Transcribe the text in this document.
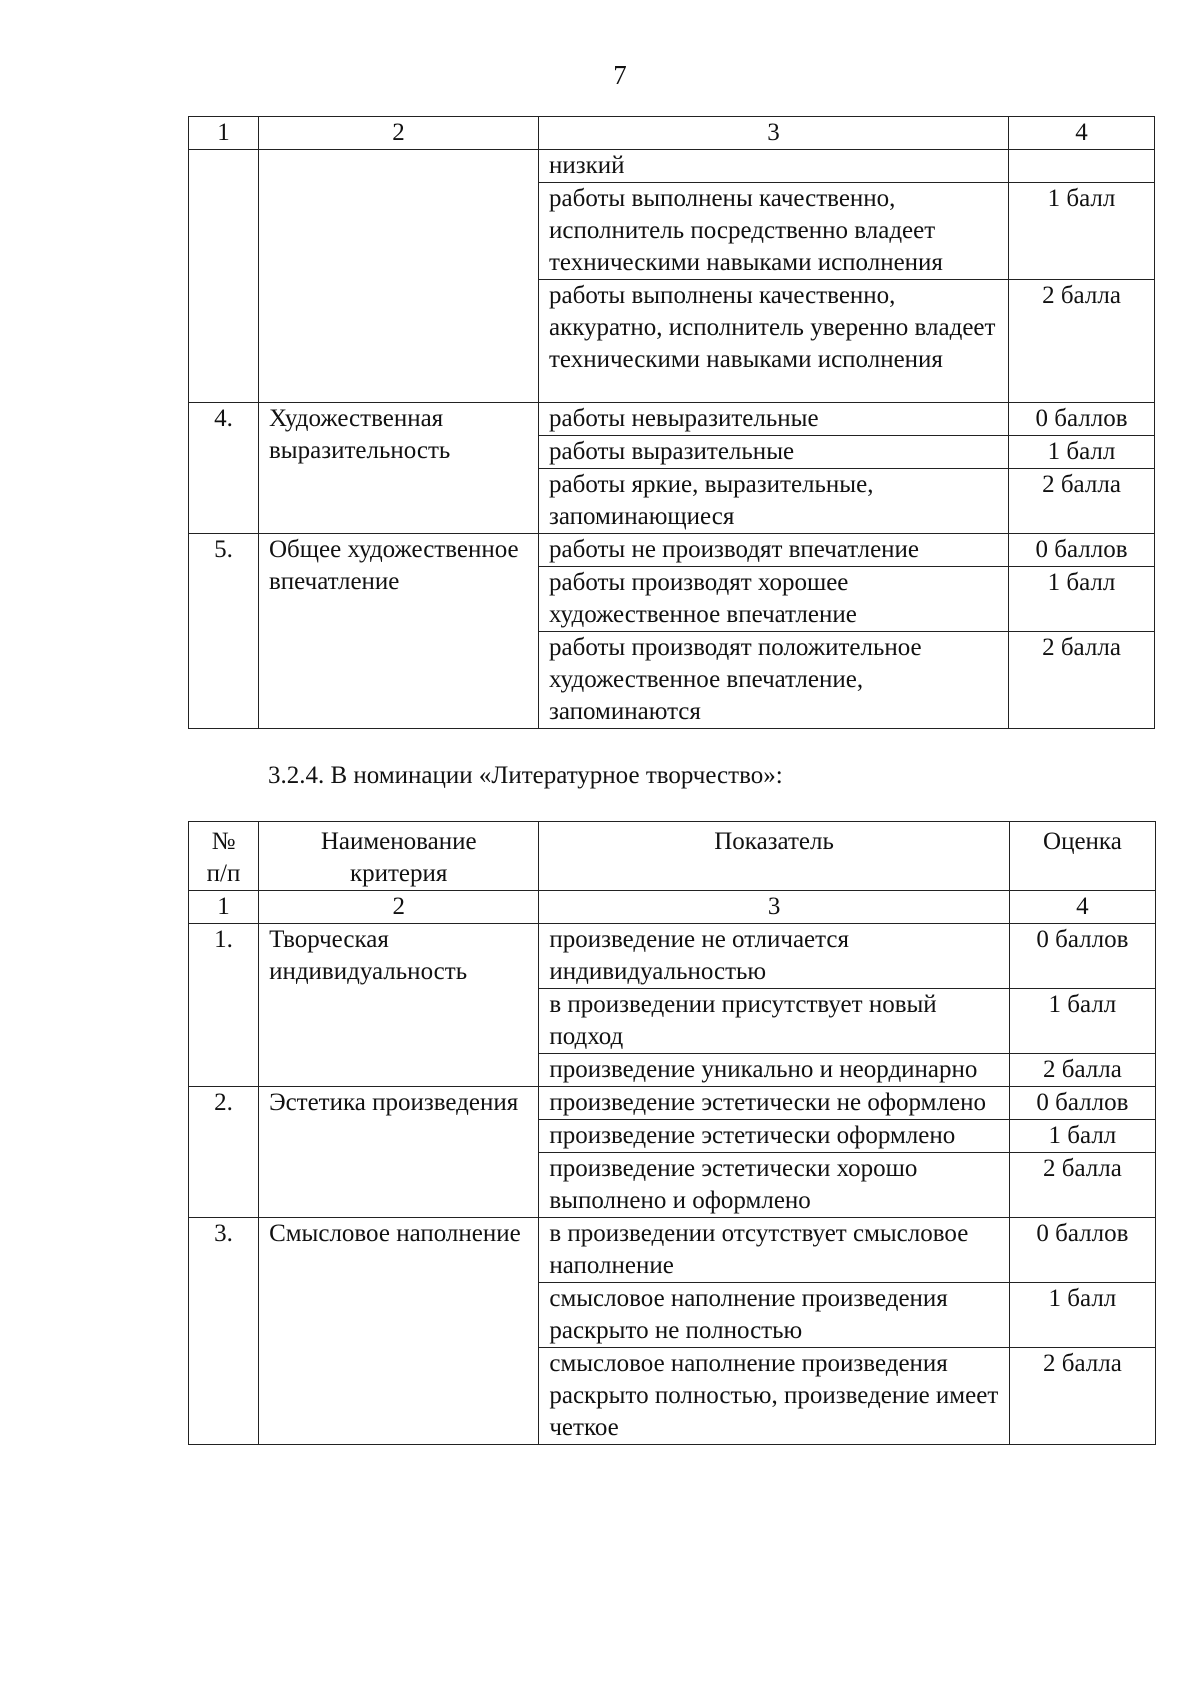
7
1	2	3	4
		низкий	
		работы выполнены качественно, исполнитель посредственно владеет техническими навыками исполнения	1 балл
		работы выполнены качественно, аккуратно, исполнитель уверенно владеет техническими навыками исполнения	2 балла
4.	Художественная выразительность	работы невыразительные	0 баллов
		работы выразительные	1 балл
		работы яркие, выразительные, запоминающиеся	2 балла
5.	Общее художественное впечатление	работы не производят впечатление	0 баллов
		работы производят хорошее художественное впечатление	1 балл
		работы производят положительное художественное впечатление, запоминаются	2 балла
3.2.4. В номинации «Литературное творчество»:
№ п/п	Наименование критерия	Показатель	Оценка
1	2	3	4
1.	Творческая индивидуальность	произведение не отличается индивидуальностью	0 баллов
		в произведении присутствует новый подход	1 балл
		произведение уникально и неординарно	2 балла
2.	Эстетика произведения	произведение эстетически не оформлено	0 баллов
		произведение эстетически оформлено	1 балл
		произведение эстетически хорошо выполнено и оформлено	2 балла
3.	Смысловое наполнение	в произведении отсутствует смысловое наполнение	0 баллов
		смысловое наполнение произведения раскрыто не полностью	1 балл
		смысловое наполнение произведения раскрыто полностью, произведение имеет четкое	2 балла
